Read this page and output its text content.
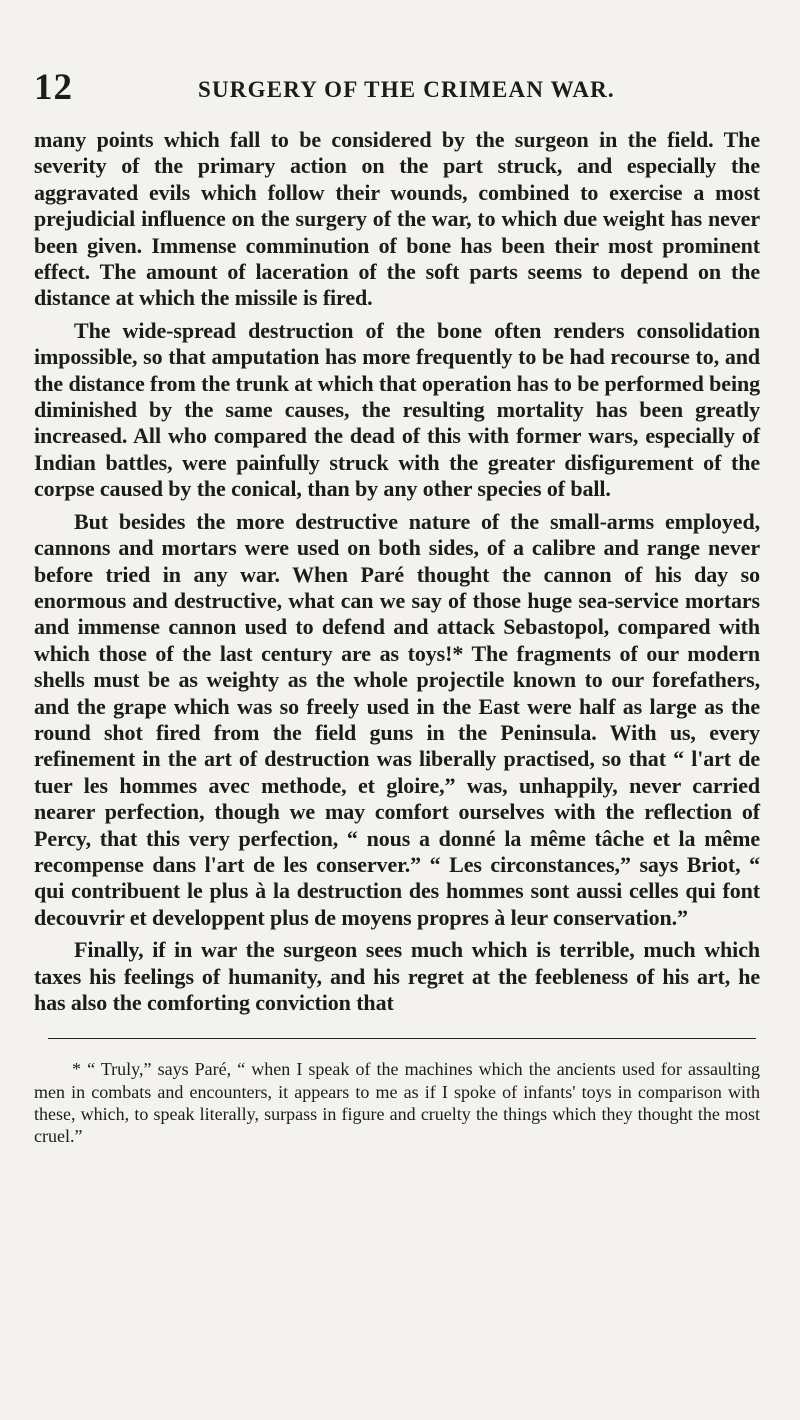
12	SURGERY OF THE CRIMEAN WAR.

many points which fall to be considered by the surgeon in the field. The severity of the primary action on the part struck, and especially the aggravated evils which follow their wounds, combined to exercise a most prejudicial influence on the surgery of the war, to which due weight has never been given. Immense comminution of bone has been their most prominent effect. The amount of laceration of the soft parts seems to depend on the distance at which the missile is fired.

The wide-spread destruction of the bone often renders consolidation impossible, so that amputation has more frequently to be had recourse to, and the distance from the trunk at which that operation has to be performed being diminished by the same causes, the resulting mortality has been greatly increased. All who compared the dead of this with former wars, especially of Indian battles, were painfully struck with the greater disfigurement of the corpse caused by the conical, than by any other species of ball.

But besides the more destructive nature of the small-arms employed, cannons and mortars were used on both sides, of a calibre and range never before tried in any war. When Paré thought the cannon of his day so enormous and destructive, what can we say of those huge sea-service mortars and immense cannon used to defend and attack Sebastopol, compared with which those of the last century are as toys!* The fragments of our modern shells must be as weighty as the whole projectile known to our forefathers, and the grape which was so freely used in the East were half as large as the round shot fired from the field guns in the Peninsula. With us, every refinement in the art of destruction was liberally practised, so that “ l'art de tuer les hommes avec methode, et gloire,” was, unhappily, never carried nearer perfection, though we may comfort ourselves with the reflection of Percy, that this very perfection, “ nous a donné la même tâche et la même recompense dans l'art de les conserver.” “ Les circonstances,” says Briot, “ qui contribuent le plus à la destruction des hommes sont aussi celles qui font decouvrir et developpent plus de moyens propres à leur conservation.”

Finally, if in war the surgeon sees much which is terrible, much which taxes his feelings of humanity, and his regret at the feebleness of his art, he has also the comforting conviction that

* “ Truly,” says Paré, “ when I speak of the machines which the ancients used for assaulting men in combats and encounters, it appears to me as if I spoke of infants' toys in comparison with these, which, to speak literally, surpass in figure and cruelty the things which they thought the most cruel.”
